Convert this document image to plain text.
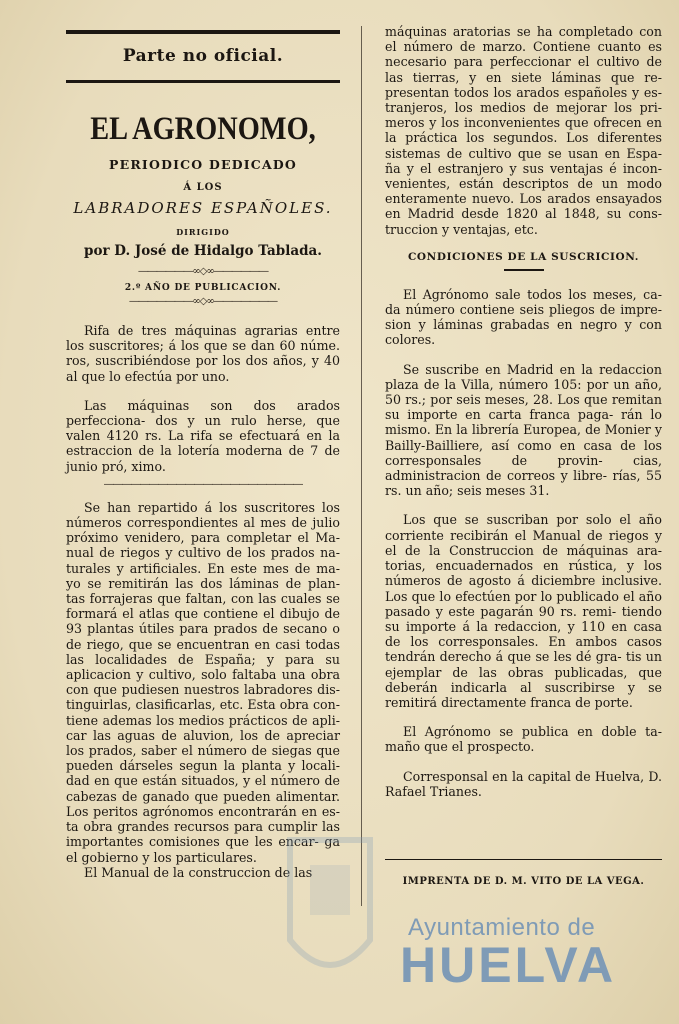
Parte no oficial.
EL AGRONOMO,
PERIODICO DEDICADO
Á LOS
LABRADORES ESPAÑOLES.
DIRIGIDO
por D. José de Hidalgo Tablada.
――――――∞◇∞――――――
2.º AÑO DE PUBLICACION.
―――――――∞◇∞―――――――

Rifa de tres máquinas agrarias entre los suscritores; á los que se dan 60 núme. ros, suscribiéndose por los dos años, y 40 al que lo efectúa por uno.

Las máquinas son dos arados perfecciona- dos y un rulo herse, que valen 4120 rs. La rifa se efectuará en la estraccion de la lotería moderna de 7 de junio pró, ximo.

――――――――――――――――――――――

Se han repartido á los suscritores los números correspondientes al mes de julio próximo venidero, para completar el Ma- nual de riegos y cultivo de los prados na- turales y artificiales. En este mes de ma- yo se remitirán las dos láminas de plan- tas forrajeras que faltan, con las cuales se formará el atlas que contiene el dibujo de 93 plantas útiles para prados de secano o de riego, que se encuentran en casi todas las localidades de España; y para su aplicacion y cultivo, solo faltaba una obra con que pudiesen nuestros labradores dis- tinguirlas, clasificarlas, etc. Esta obra con- tiene ademas los medios prácticos de apli- car las aguas de aluvion, los de apreciar los prados, saber el número de siegas que pueden dárseles segun la planta y locali- dad en que están situados, y el número de cabezas de ganado que pueden alimentar. Los peritos agrónomos encontrarán en es- ta obra grandes recursos para cumplir las importantes comisiones que les encar- ga el gobierno y los particulares.

El Manual de la construccion de las

máquinas aratorias se ha completado con el número de marzo. Contiene cuanto es necesario para perfeccionar el cultivo de las tierras, y en siete láminas que re- presentan todos los arados españoles y es- tranjeros, los medios de mejorar los pri- meros y los inconvenientes que ofrecen en la práctica los segundos. Los diferentes sistemas de cultivo que se usan en Espa- ña y el estranjero y sus ventajas é incon- venientes, están descriptos de un modo enteramente nuevo. Los arados ensayados en Madrid desde 1820 al 1848, su cons- truccion y ventajas, etc.

CONDICIONES DE LA SUSCRICION.

El Agrónomo sale todos los meses, ca- da número contiene seis pliegos de impre- sion y láminas grabadas en negro y con colores.

Se suscribe en Madrid en la redaccion plaza de la Villa, número 105: por un año, 50 rs.; por seis meses, 28. Los que remitan su importe en carta franca paga- rán lo mismo. En la librería Europea, de Monier y Bailly-Bailliere, así como en casa de los corresponsales de provin- cias, administracion de correos y libre- rías, 55 rs. un año; seis meses 31.

Los que se suscriban por solo el año corriente recibirán el Manual de riegos y el de la Construccion de máquinas ara- torias, encuadernados en rústica, y los números de agosto á diciembre inclusive. Los que lo efectúen por lo publicado el año pasado y este pagarán 90 rs. remi- tiendo su importe á la redaccion, y 110 en casa de los corresponsales. En ambos casos tendrán derecho á que se les dé gra- tis un ejemplar de las obras publicadas, que deberán indicarla al suscribirse y se remitirá directamente franca de porte.

El Agrónomo se publica en doble ta- maño que el prospecto.

Corresponsal en la capital de Huelva, D. Rafael Trianes.

IMPRENTA DE D. M. VITO DE LA VEGA.
Ayuntamiento de
HUELVA
